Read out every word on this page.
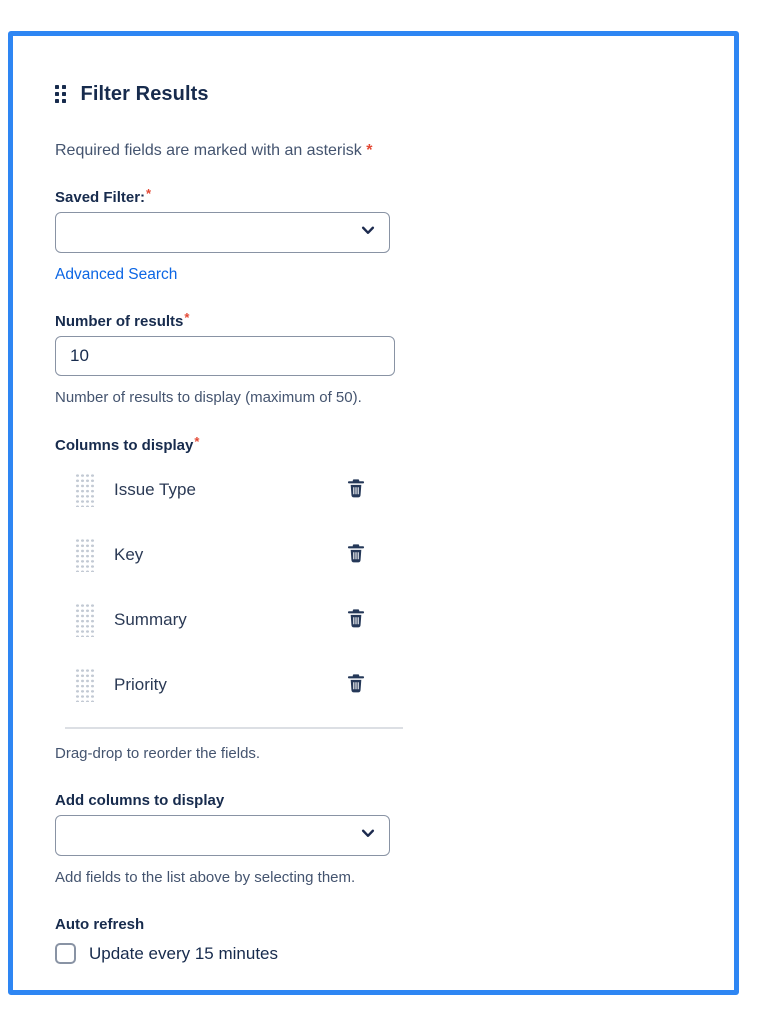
Filter Results

Required fields are marked with an asterisk *

Saved Filter:*
Advanced Search
Number of results*
10
Number of results to display (maximum of 50).
Columns to display*
Issue Type
Key
Summary
Priority
Drag-drop to reorder the fields.
Add columns to display
Add fields to the list above by selecting them.
Auto refresh
Update every 15 minutes
